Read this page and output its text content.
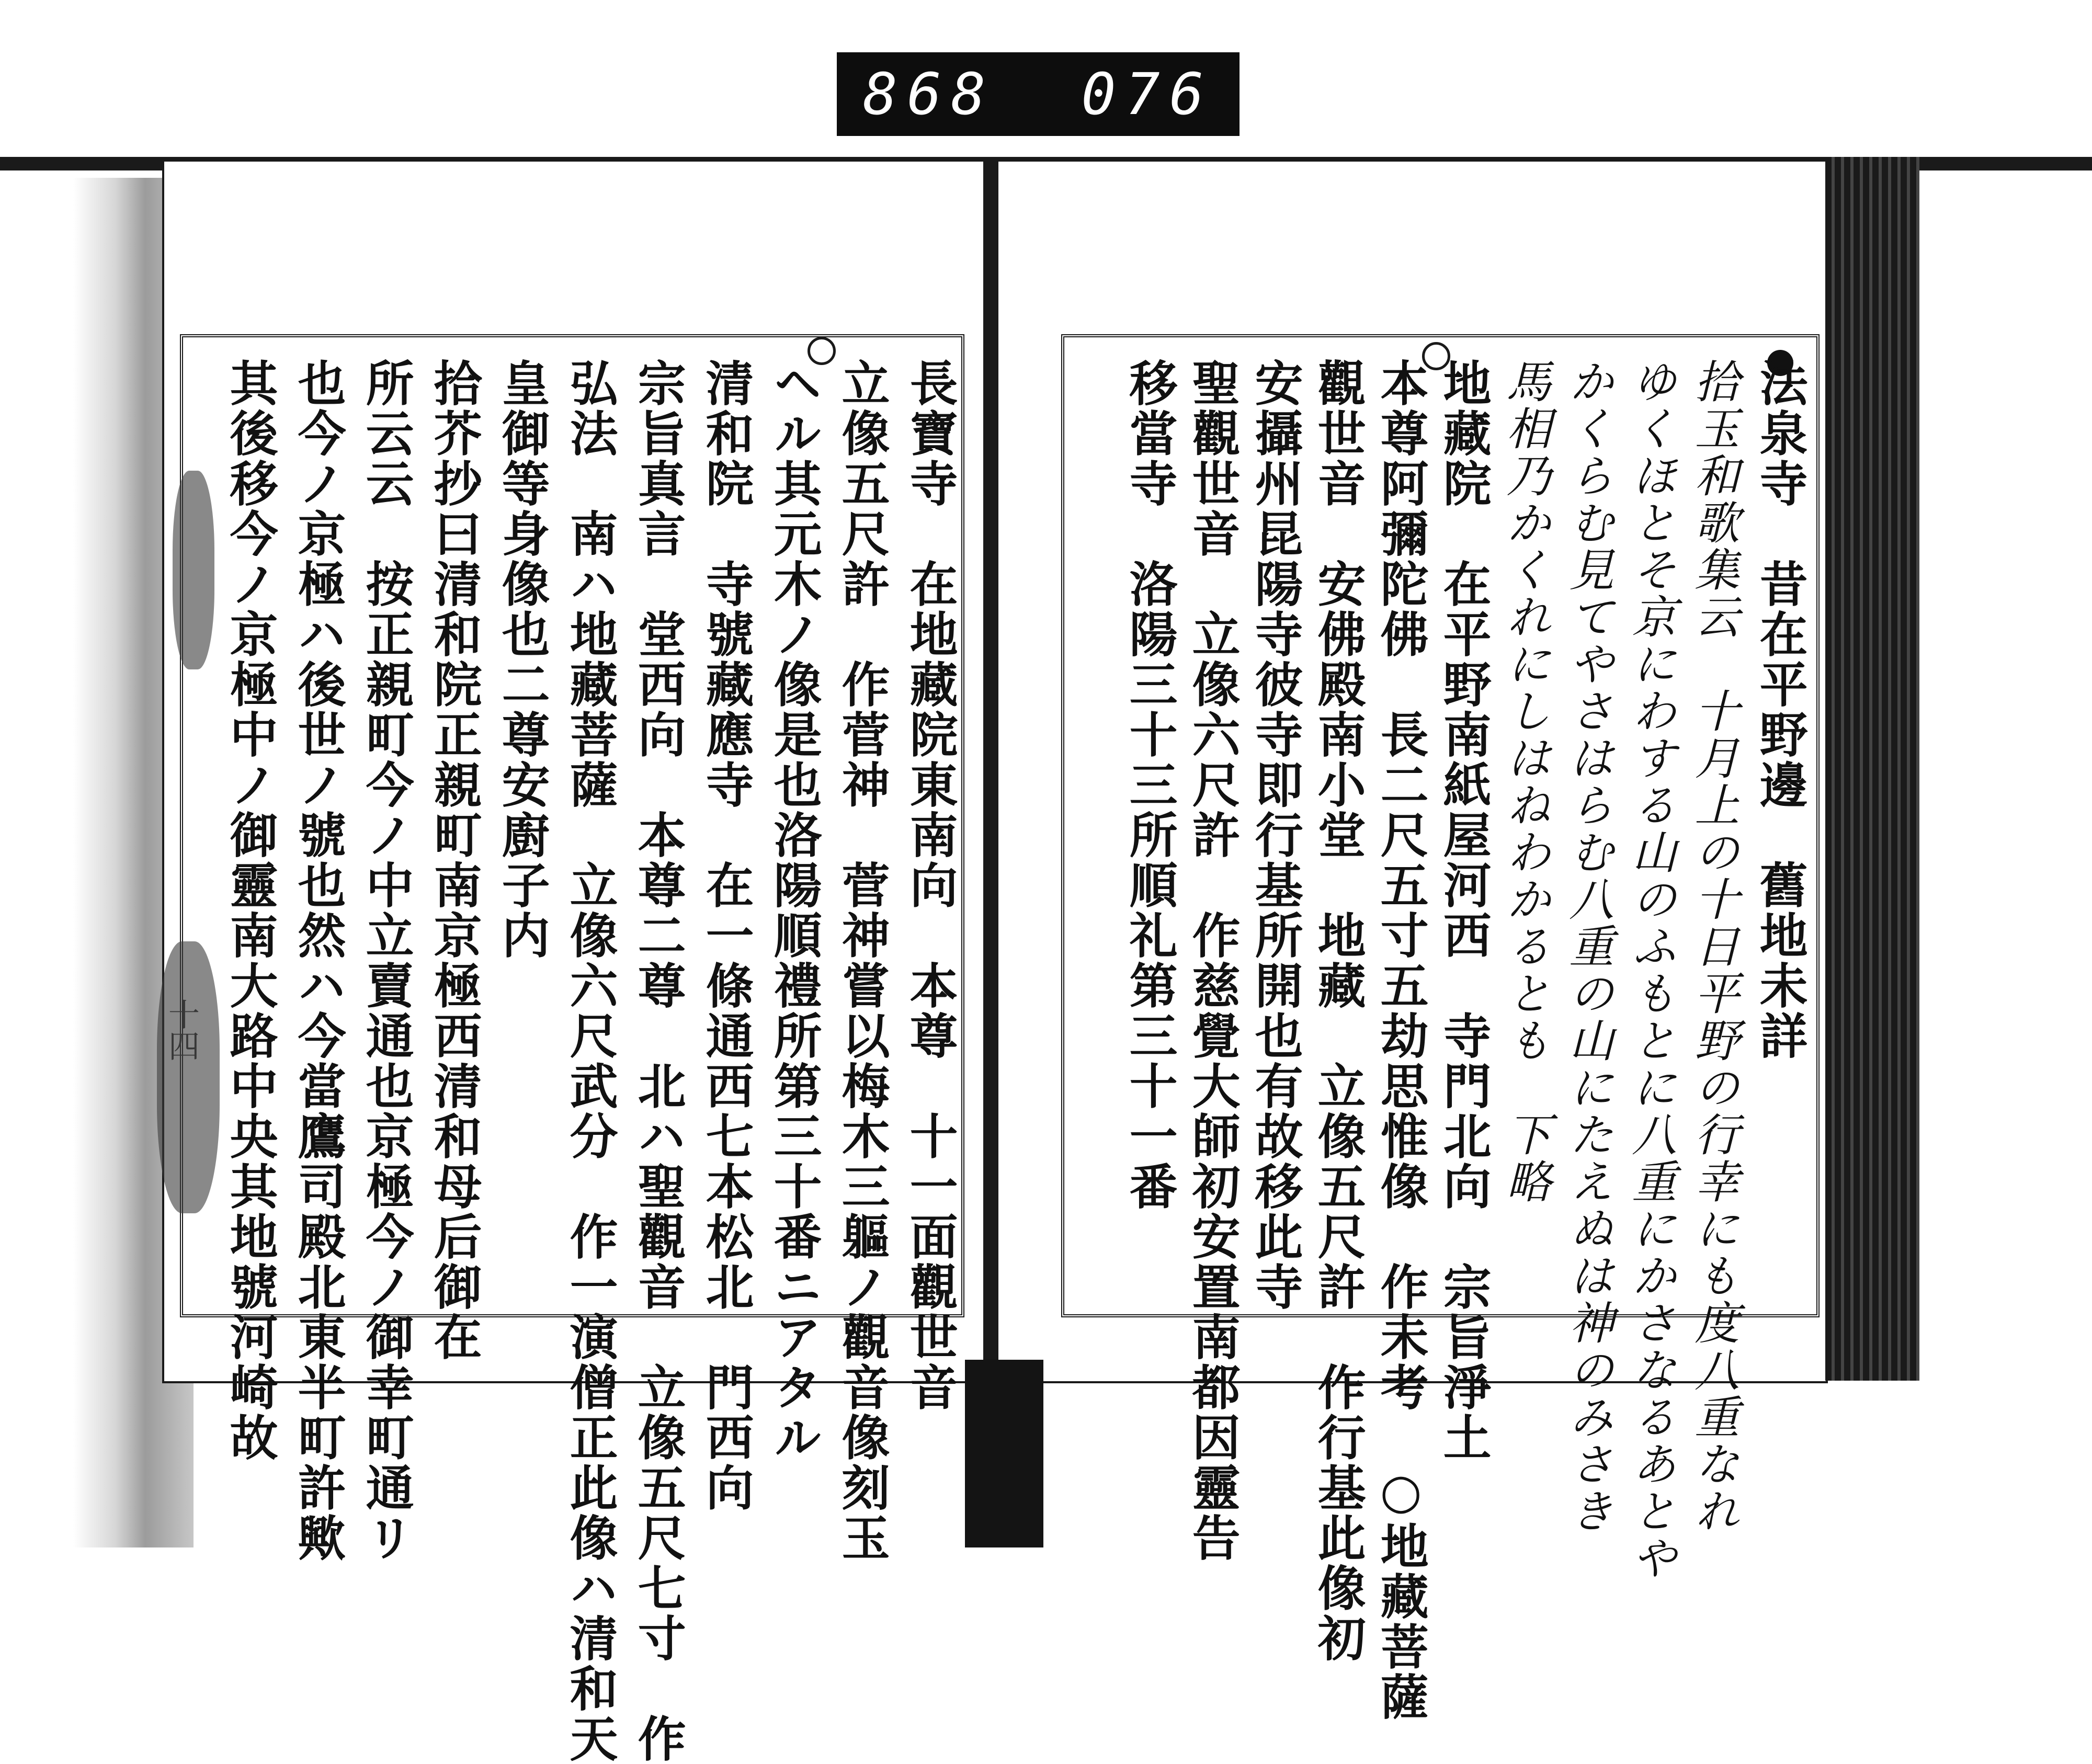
868 076
長寶寺　在地藏院東南向　本尊　十一面觀世音
立像五尺許　作菅神　菅神嘗以梅木三軀ノ觀音像刻玉
ヘル其元木ノ像是也洛陽順禮所第三十番ニアタル
清和院　寺號藏應寺　在一條通西七本松北　門西向
宗旨真言　堂西向　本尊二尊　北ハ聖觀音　立像五尺七寸　作
弘法　南ハ地藏菩薩　立像六尺武分　作一演僧正此像ハ清和天
皇御等身像也二尊安廚子内
拾芥抄曰清和院正親町南京極西清和母后御在
所云云　按正親町今ノ中立賣通也京極今ノ御幸町通リ
也今ノ京極ハ後世ノ號也然ハ今當鷹司殿北東半町許歟
其後移今ノ京極中ノ御靈南大路中央其地號河崎故	法泉寺　昔在平野邊　舊地未詳
拾玉和歌集云　十月上の十日平野の行幸にも度八重なれ
ゆくほとそ京にわする山のふもとに八重にかさなるあとや
かくらむ見てやさはらむ八重の山にたえぬは神のみさき
馬相乃かくれにしはねわかるとも　下略
地藏院　在平野南紙屋河西　寺門北向　宗旨淨土
本尊阿彌陀佛　長二尺五寸五劫思惟像　作未考　○地藏菩薩
觀世音　安佛殿南小堂　地藏　立像五尺許　作行基此像初
安攝州昆陽寺彼寺即行基所開也有故移此寺
聖觀世音　立像六尺許　作慈覺大師初安置南都因靈告
移當寺　洛陽三十三所順礼第三十一番
